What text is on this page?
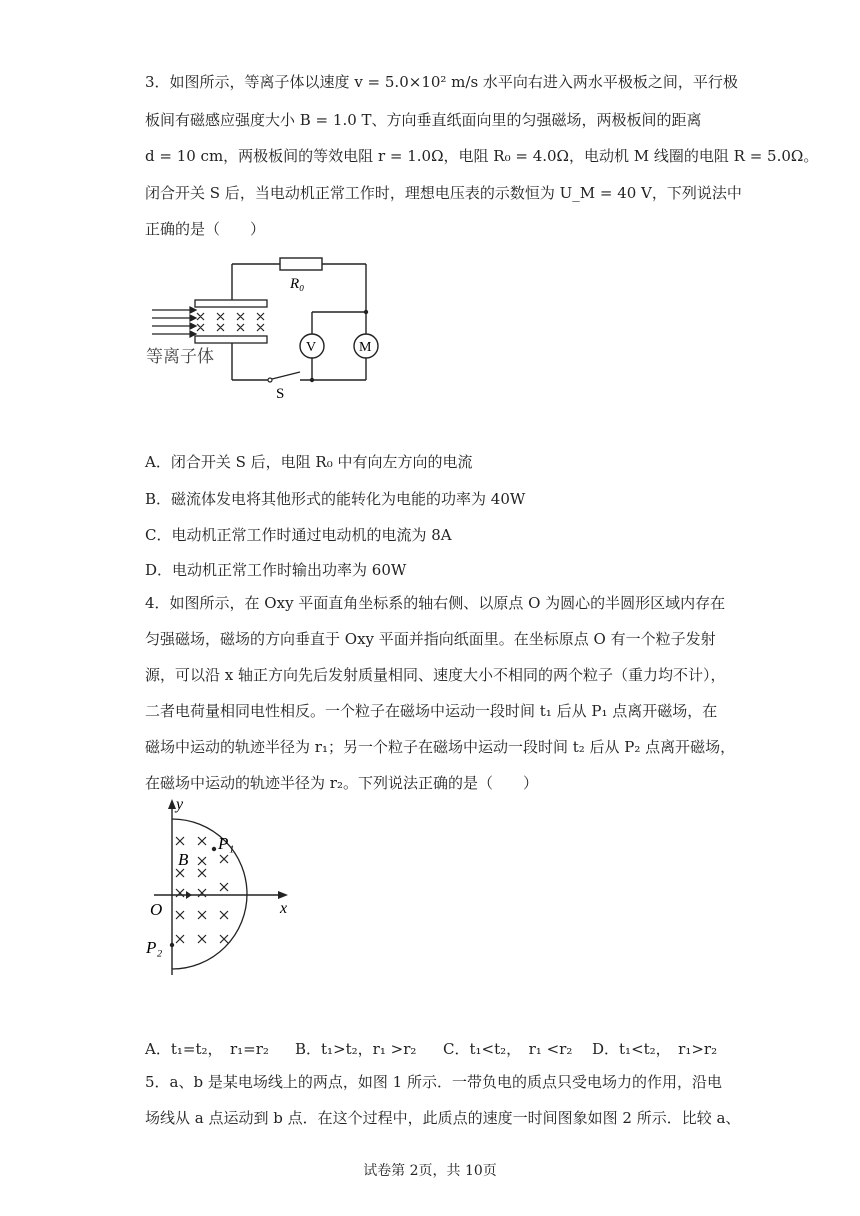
3．如图所示，等离子体以速度 v = 5.0×10² m/s 水平向右进入两水平极板之间，平行极
板间有磁感应强度大小 B = 1.0 T、方向垂直纸面向里的匀强磁场，两极板间的距离
d = 10 cm，两极板间的等效电阻 r = 1.0Ω，电阻 R₀ = 4.0Ω，电动机 M 线圈的电阻 R = 5.0Ω。
闭合开关 S 后，当电动机正常工作时，理想电压表的示数恒为 U_M = 40 V，下列说法中
正确的是（　　）
R₀
等离子体	V	M
S
A．闭合开关 S 后，电阻 R₀ 中有向左方向的电流
B．磁流体发电将其他形式的能转化为电能的功率为 40W
C．电动机正常工作时通过电动机的电流为 8A
D．电动机正常工作时输出功率为 60W
4．如图所示，在 Oxy 平面直角坐标系的轴右侧、以原点 O 为圆心的半圆形区域内存在
匀强磁场，磁场的方向垂直于 Oxy 平面并指向纸面里。在坐标原点 O 有一个粒子发射
源，可以沿 x 轴正方向先后发射质量相同、速度大小不相同的两个粒子（重力均不计），
二者电荷量相同电性相反。一个粒子在磁场中运动一段时间 t₁ 后从 P₁ 点离开磁场，在
磁场中运动的轨迹半径为 r₁；另一个粒子在磁场中运动一段时间 t₂ 后从 P₂ 点离开磁场，
在磁场中运动的轨迹半径为 r₂。下列说法正确的是（　　）
y
x
O
B
P₁
P₂
A．t₁=t₂，　r₁=r₂ B．t₁>t₂，r₁ >r₂ C．t₁<t₂，　r₁ <r₂ D．t₁<t₂，　r₁>r₂
5．a、b 是某电场线上的两点，如图 1 所示．一带负电的质点只受电场力的作用，沿电
场线从 a 点运动到 b 点．在这个过程中，此质点的速度一时间图象如图 2 所示．比较 a、
试卷第 2页，共 10页
